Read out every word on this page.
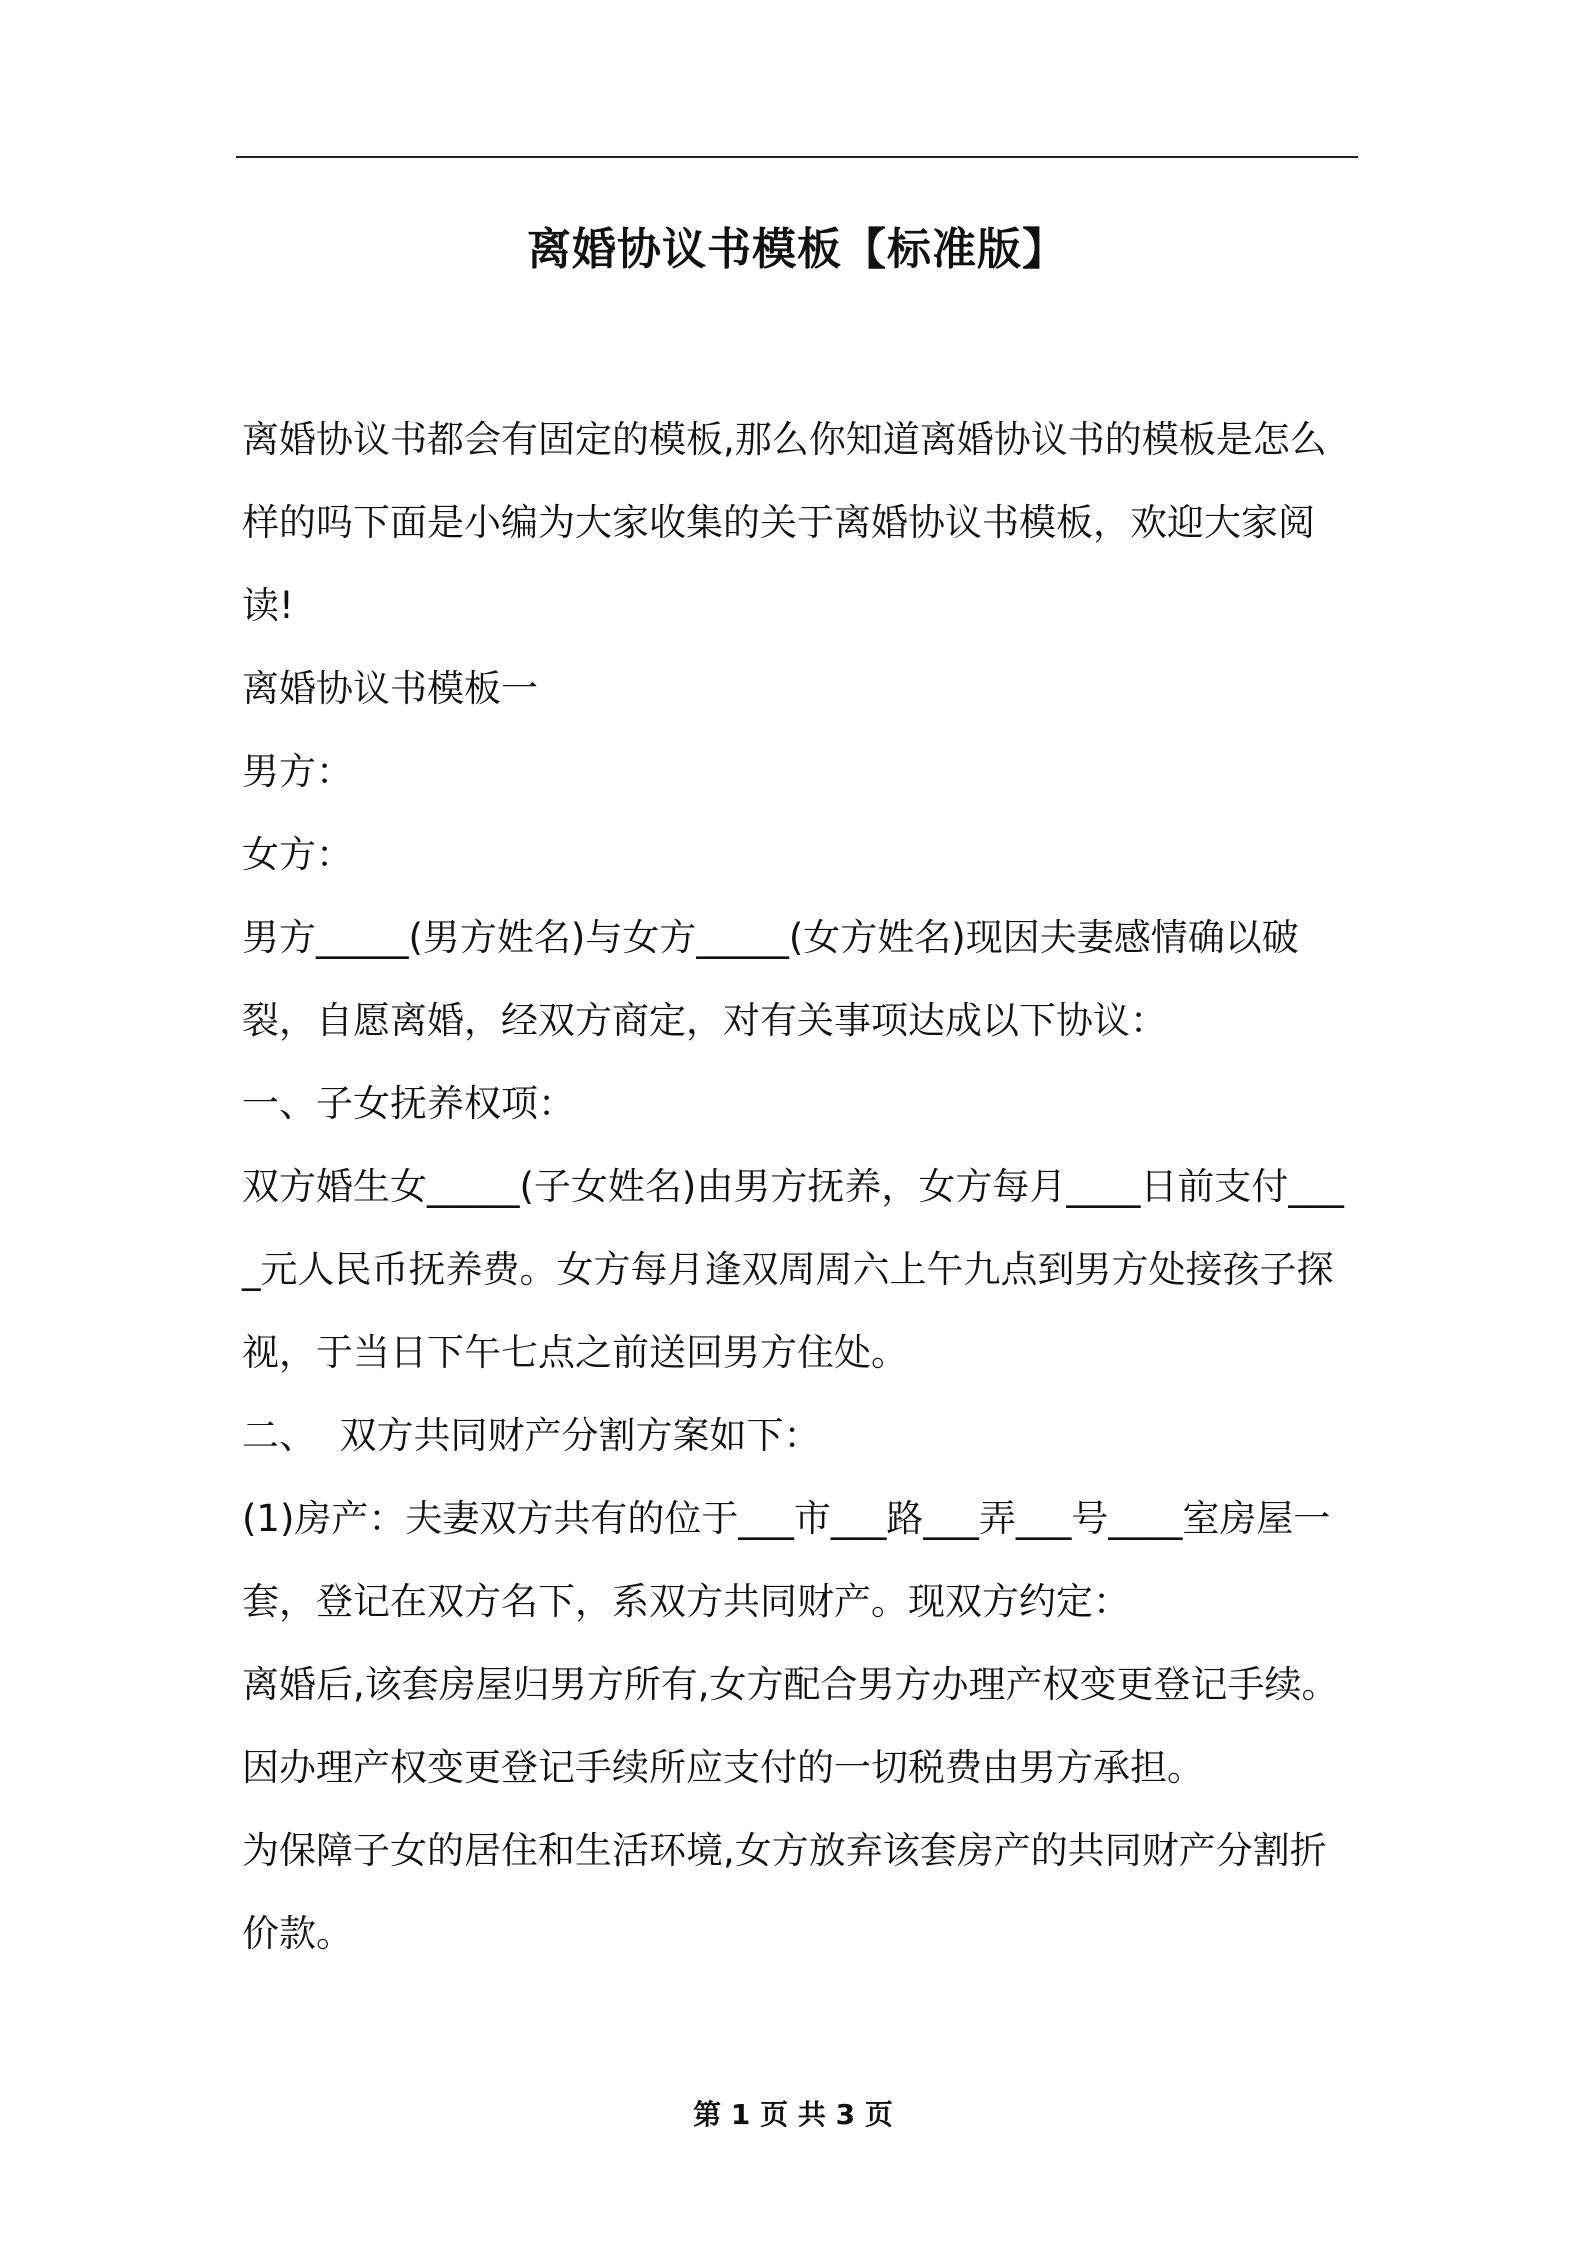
离婚协议书模板【标准版】

离婚协议书都会有固定的模板,那么你知道离婚协议书的模板是怎么样的吗下面是小编为大家收集的关于离婚协议书模板，欢迎大家阅读!

离婚协议书模板一

男方：

女方：

男方_____(男方姓名)与女方_____(女方姓名)现因夫妻感情确以破裂，自愿离婚，经双方商定，对有关事项达成以下协议：

一、子女抚养权项：

双方婚生女_____(子女姓名)由男方抚养，女方每月____日前支付____元人民币抚养费。女方每月逢双周周六上午九点到男方处接孩子探视，于当日下午七点之前送回男方住处。

二、  双方共同财产分割方案如下：

(1)房产：夫妻双方共有的位于___市___路___弄___号____室房屋一套，登记在双方名下，系双方共同财产。现双方约定：

离婚后,该套房屋归男方所有,女方配合男方办理产权变更登记手续。

因办理产权变更登记手续所应支付的一切税费由男方承担。

为保障子女的居住和生活环境,女方放弃该套房产的共同财产分割折价款。

第 1 页 共 3 页
